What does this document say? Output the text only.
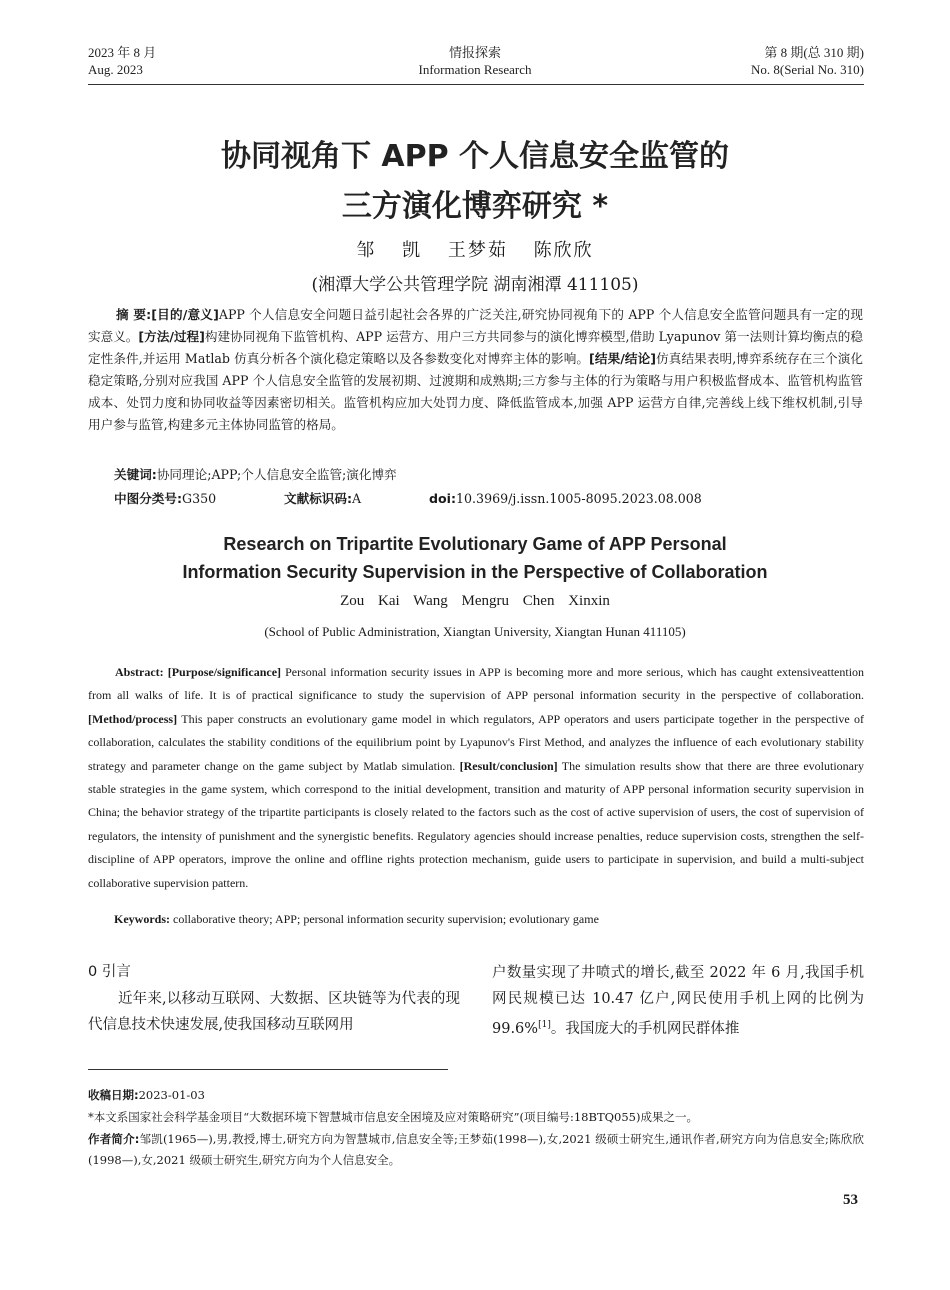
2023 年 8 月
Aug. 2023
情报探索
Information Research
第 8 期(总 310 期)
No. 8(Serial No. 310)
协同视角下 APP 个人信息安全监管的
三方演化博弈研究 *
邹 凯 王梦茹 陈欣欣
(湘潭大学公共管理学院 湖南湘潭 411105)
摘 要:[目的/意义]APP 个人信息安全问题日益引起社会各界的广泛关注,研究协同视角下的 APP 个人信息安全监管问题具有一定的现实意义。[方法/过程]构建协同视角下监管机构、APP 运营方、用户三方共同参与的演化博弈模型,借助 Lyapunov 第一法则计算均衡点的稳定性条件,并运用 Matlab 仿真分析各个演化稳定策略以及各参数变化对博弈主体的影响。[结果/结论]仿真结果表明,博弈系统存在三个演化稳定策略,分别对应我国 APP 个人信息安全监管的发展初期、过渡期和成熟期;三方参与主体的行为策略与用户积极监督成本、监管机构监管成本、处罚力度和协同收益等因素密切相关。监管机构应加大处罚力度、降低监管成本,加强 APP 运营方自律,完善线上线下维权机制,引导用户参与监管,构建多元主体协同监管的格局。
关键词:协同理论;APP;个人信息安全监管;演化博弈
中图分类号:G350	文献标识码:A	doi:10.3969/j.issn.1005-8095.2023.08.008
Research on Tripartite Evolutionary Game of APP Personal
Information Security Supervision in the Perspective of Collaboration
Zou Kai Wang Mengru Chen Xinxin
(School of Public Administration, Xiangtan University, Xiangtan Hunan 411105)
Abstract: [Purpose/significance] Personal information security issues in APP is becoming more and more serious, which has caught extensiveattention from all walks of life. It is of practical significance to study the supervision of APP personal information security in the perspective of collaboration. [Method/process] This paper constructs an evolutionary game model in which regulators, APP operators and users participate together in the perspective of collaboration, calculates the stability conditions of the equilibrium point by Lyapunov's First Method, and analyzes the influence of each evolutionary stability strategy and parameter change on the game subject by Matlab simulation. [Result/conclusion] The simulation results show that there are three evolutionary stable strategies in the game system, which correspond to the initial development, transition and maturity of APP personal information security supervision in China; the behavior strategy of the tripartite participants is closely related to the factors such as the cost of active supervision of users, the cost of supervision of regulators, the intensity of punishment and the synergistic benefits. Regulatory agencies should increase penalties, reduce supervision costs, strengthen the self-discipline of APP operators, improve the online and offline rights protection mechanism, guide users to participate in supervision, and build a multi-subject collaborative supervision pattern.
Keywords: collaborative theory; APP; personal information security supervision; evolutionary game
0 引言
近年来,以移动互联网、大数据、区块链等为代表的现代信息技术快速发展,使我国移动互联网用
户数量实现了井喷式的增长,截至 2022 年 6 月,我国手机网民规模已达 10.47 亿户,网民使用手机上网的比例为 99.6%[1]。我国庞大的手机网民群体推
收稿日期:2023-01-03
*本文系国家社会科学基金项目“大数据环境下智慧城市信息安全困境及应对策略研究”(项目编号:18BTQ055)成果之一。
作者简介:邹凯(1965—),男,教授,博士,研究方向为智慧城市,信息安全等;王梦茹(1998—),女,2021 级硕士研究生,通讯作者,研究方向为信息安全;陈欣欣(1998—),女,2021 级硕士研究生,研究方向为个人信息安全。
53
